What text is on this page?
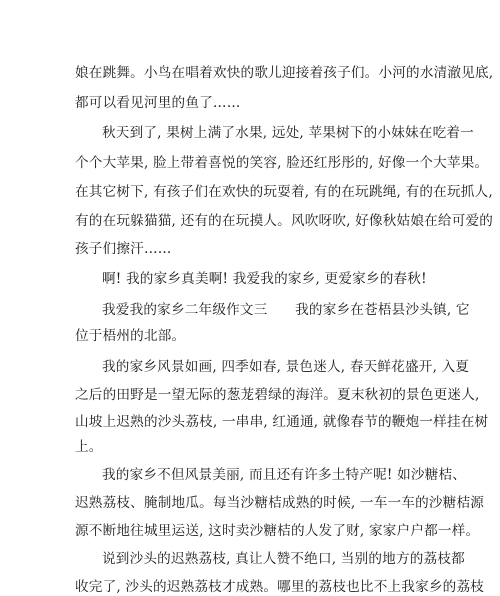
娘在跳舞。小鸟在唱着欢快的歌儿迎接着孩子们。小河的水清澈见底,
都可以看见河里的鱼了……
秋天到了, 果树上满了水果, 远处, 苹果树下的小妹妹在吃着一
个个大苹果, 脸上带着喜悦的笑容, 脸还红彤彤的, 好像一个大苹果。
在其它树下, 有孩子们在欢快的玩耍着, 有的在玩跳绳, 有的在玩抓人,
有的在玩躲猫猫, 还有的在玩摸人。风吹呀吹, 好像秋姑娘在给可爱的
孩子们擦汗……
啊! 我的家乡真美啊! 我爱我的家乡, 更爱家乡的春秋!
我爱我的家乡二年级作文三　　我的家乡在苍梧县沙头镇, 它
位于梧州的北部。
我的家乡风景如画, 四季如春, 景色迷人, 春天鲜花盛开, 入夏
之后的田野是一望无际的葱茏碧绿的海洋。夏末秋初的景色更迷人,
山坡上迟熟的沙头荔枝, 一串串, 红通通, 就像春节的鞭炮一样挂在树
上。
我的家乡不但风景美丽, 而且还有许多土特产呢! 如沙糖桔、
迟熟荔枝、腌制地瓜。每当沙糖桔成熟的时候, 一车一车的沙糖桔源
源不断地往城里运送, 这时卖沙糖桔的人发了财, 家家户户都一样。
说到沙头的迟熟荔枝, 真让人赞不绝口, 当别的地方的荔枝都
收完了, 沙头的迟熟荔枝才成熟。哪里的荔枝也比不上我家乡的荔枝
